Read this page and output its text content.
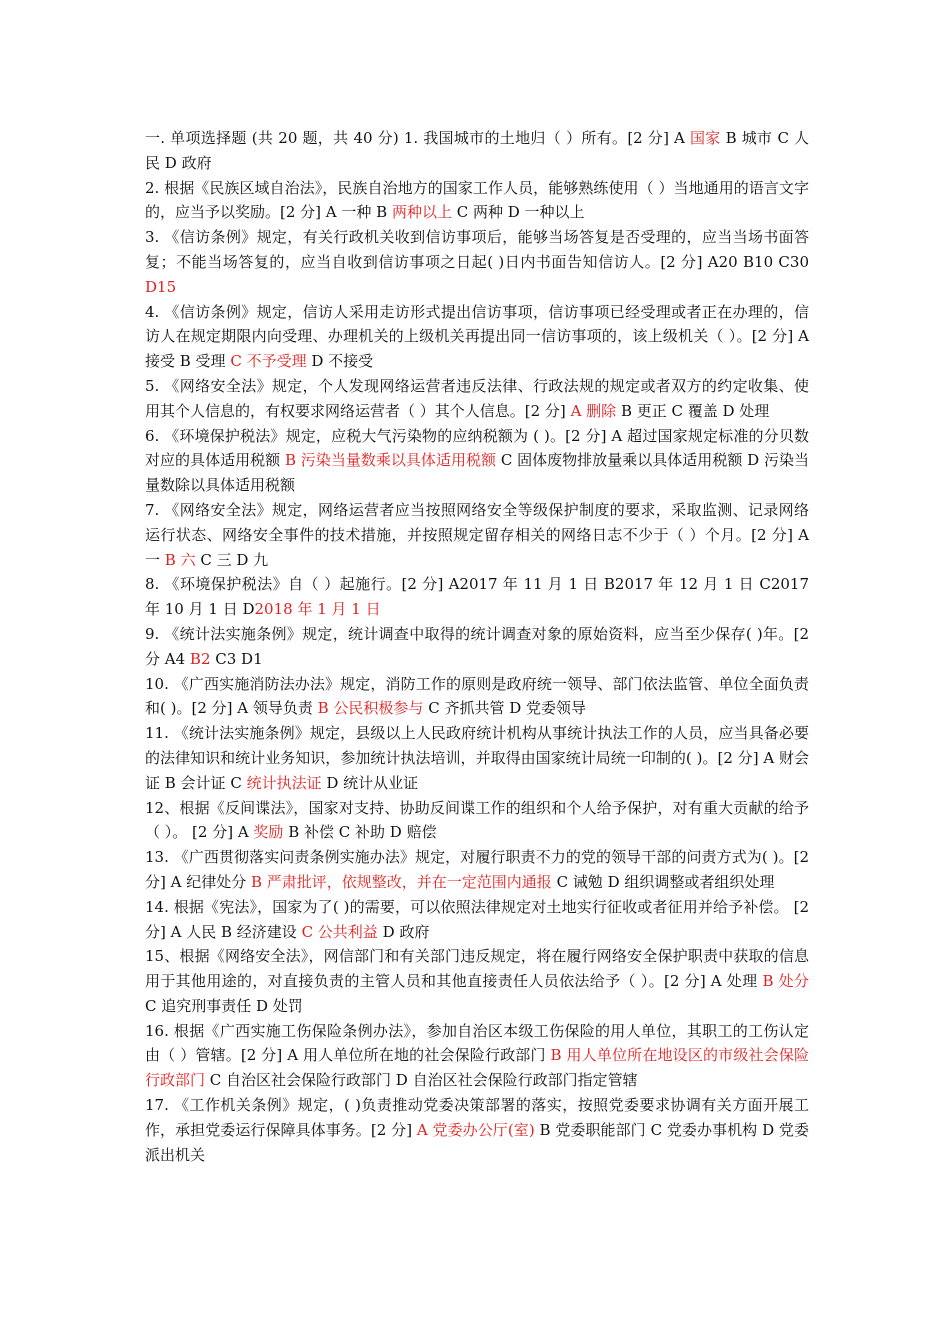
一. 单项选择题 (共 20 题，共 40 分) 1. 我国城市的土地归（ ）所有。[2 分] A 国家 B 城市 C 人民 D 政府

2. 根据《民族区域自治法》，民族自治地方的国家工作人员，能够熟练使用（ ）当地通用的语言文字的，应当予以奖励。[2 分] A 一种 B 两种以上 C 两种 D 一种以上

3. 《信访条例》规定，有关行政机关收到信访事项后，能够当场答复是否受理的，应当当场书面答复；不能当场答复的，应当自收到信访事项之日起( )日内书面告知信访人。[2 分] A20 B10 C30 D15

4. 《信访条例》规定，信访人采用走访形式提出信访事项，信访事项已经受理或者正在办理的，信访人在规定期限内向受理、办理机关的上级机关再提出同一信访事项的，该上级机关（ ）。[2 分] A 接受 B 受理 C 不予受理 D 不接受

5. 《网络安全法》规定，个人发现网络运营者违反法律、行政法规的规定或者双方的约定收集、使用其个人信息的，有权要求网络运营者（ ）其个人信息。[2 分] A 删除 B 更正 C 覆盖 D 处理

6. 《环境保护税法》规定，应税大气污染物的应纳税额为 ( )。[2 分] A 超过国家规定标准的分贝数对应的具体适用税额 B 污染当量数乘以具体适用税额 C 固体废物排放量乘以具体适用税额 D 污染当量数除以具体适用税额

7. 《网络安全法》规定，网络运营者应当按照网络安全等级保护制度的要求，采取监测、记录网络运行状态、网络安全事件的技术措施，并按照规定留存相关的网络日志不少于（ ）个月。[2 分] A 一 B 六 C 三 D 九

8. 《环境保护税法》自（ ）起施行。[2 分] A2017 年 11 月 1 日 B2017 年 12 月 1 日 C2017 年 10 月 1 日 D2018 年 1 月 1 日

9. 《统计法实施条例》规定，统计调查中取得的统计调查对象的原始资料，应当至少保存( )年。[2 分 A4 B2 C3 D1

10. 《广西实施消防法办法》规定，消防工作的原则是政府统一领导、部门依法监管、单位全面负责和( )。[2 分] A 领导负责 B 公民积极参与 C 齐抓共管 D 党委领导

11. 《统计法实施条例》规定，县级以上人民政府统计机构从事统计执法工作的人员，应当具备必要的法律知识和统计业务知识，参加统计执法培训，并取得由国家统计局统一印制的( )。[2 分] A 财会证 B 会计证 C 统计执法证 D 统计从业证

12、根据《反间谍法》，国家对支持、协助反间谍工作的组织和个人给予保护，对有重大贡献的给予（ ）。 [2 分] A 奖励 B 补偿 C 补助 D 赔偿

13. 《广西贯彻落实问责条例实施办法》规定，对履行职责不力的党的领导干部的问责方式为( )。[2 分] A 纪律处分 B 严肃批评，依规整改，并在一定范围内通报 C 诫勉 D 组织调整或者组织处理

14. 根据《宪法》，国家为了( )的需要，可以依照法律规定对土地实行征收或者征用并给予补偿。 [2 分] A 人民 B 经济建设 C 公共利益 D 政府

15、根据《网络安全法》，网信部门和有关部门违反规定，将在履行网络安全保护职责中获取的信息用于其他用途的，对直接负责的主管人员和其他直接责任人员依法给予（ ）。[2 分] A 处理 B 处分 C 追究刑事责任 D 处罚

16. 根据《广西实施工伤保险条例办法》，参加自治区本级工伤保险的用人单位，其职工的工伤认定由（ ）管辖。[2 分] A 用人单位所在地的社会保险行政部门 B 用人单位所在地设区的市级社会保险行政部门 C 自治区社会保险行政部门 D 自治区社会保险行政部门指定管辖

17. 《工作机关条例》规定，( )负责推动党委决策部署的落实，按照党委要求协调有关方面开展工作，承担党委运行保障具体事务。[2 分] A 党委办公厅(室) B 党委职能部门 C 党委办事机构 D 党委派出机关
